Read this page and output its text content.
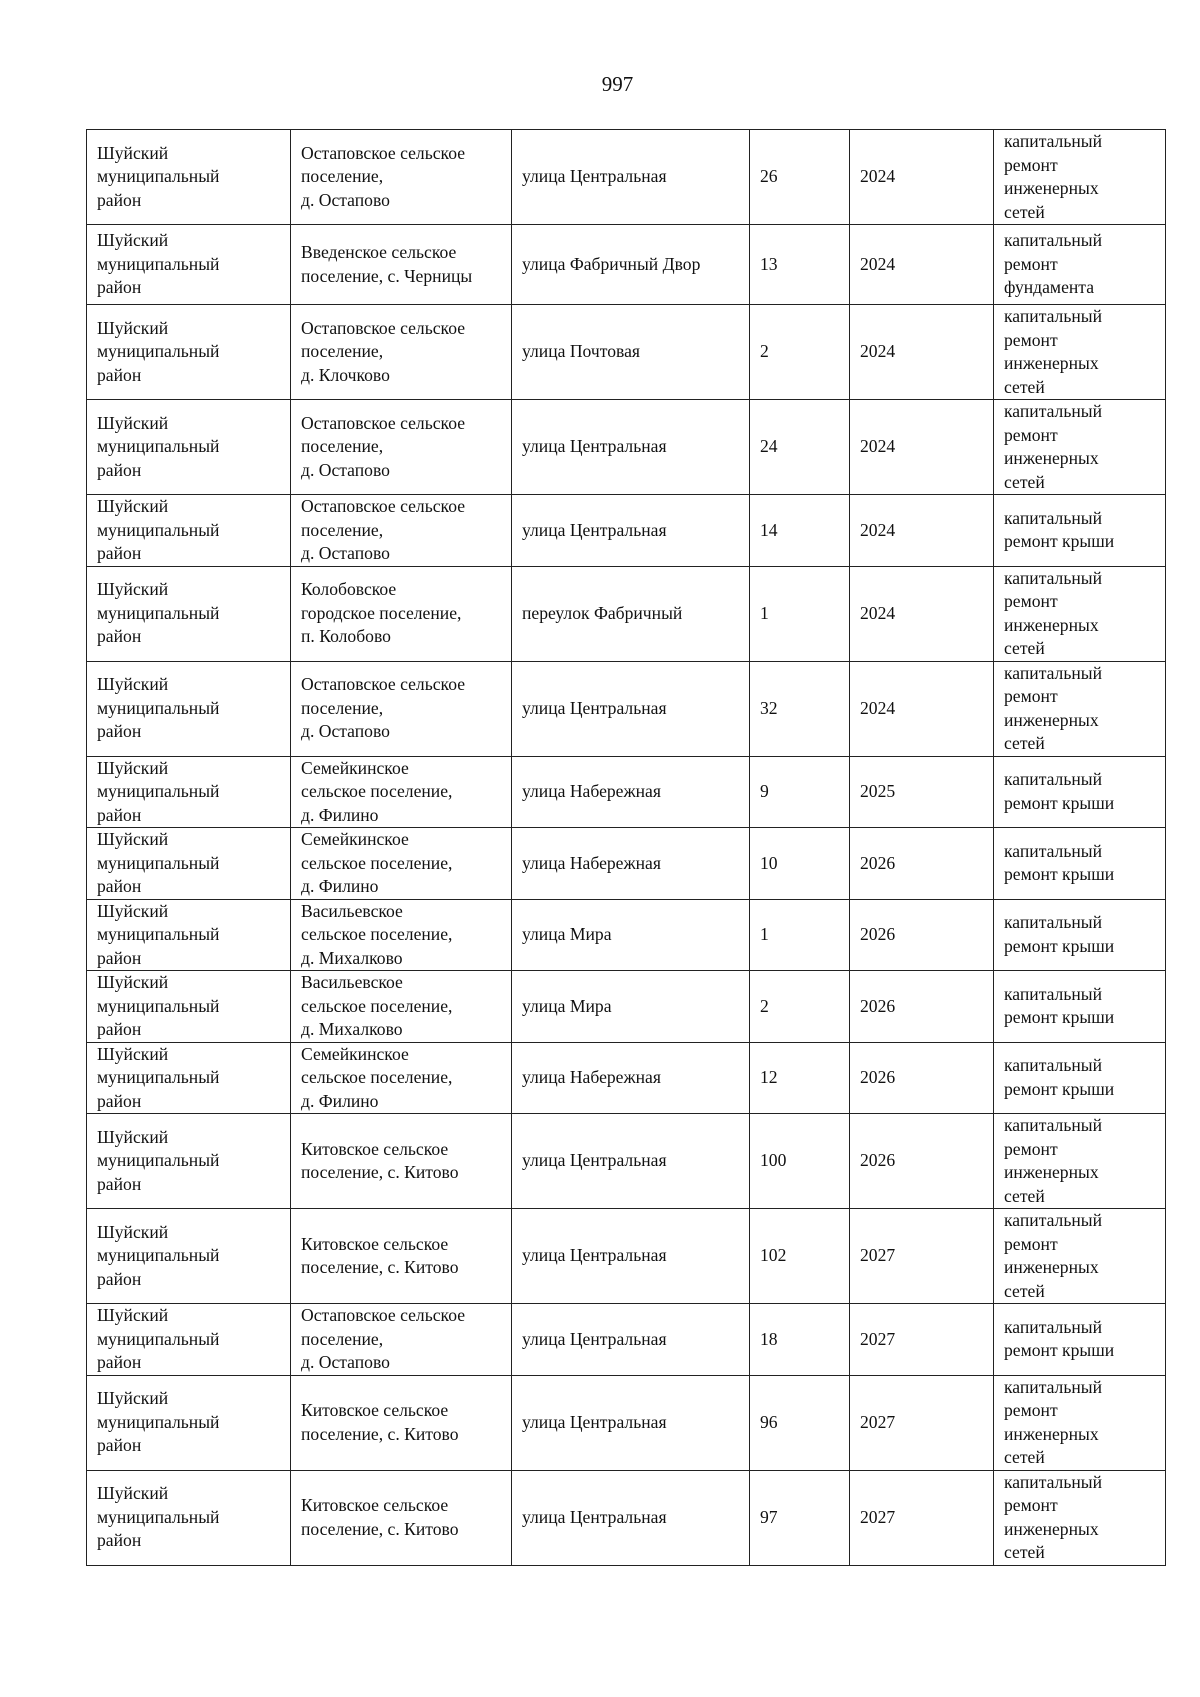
997
Шуйский
муниципальный
район	Остаповское сельское
поселение,
д. Остапово	улица Центральная	26	2024	капитальный
ремонт
инженерных
сетей
Шуйский
муниципальный
район	Введенское сельское
поселение, с. Черницы	улица Фабричный Двор	13	2024	капитальный
ремонт
фундамента
Шуйский
муниципальный
район	Остаповское сельское
поселение,
д. Клочково	улица Почтовая	2	2024	капитальный
ремонт
инженерных
сетей
Шуйский
муниципальный
район	Остаповское сельское
поселение,
д. Остапово	улица Центральная	24	2024	капитальный
ремонт
инженерных
сетей
Шуйский
муниципальный
район	Остаповское сельское
поселение,
д. Остапово	улица Центральная	14	2024	капитальный
ремонт крыши
Шуйский
муниципальный
район	Колобовское
городское поселение,
п. Колобово	переулок Фабричный	1	2024	капитальный
ремонт
инженерных
сетей
Шуйский
муниципальный
район	Остаповское сельское
поселение,
д. Остапово	улица Центральная	32	2024	капитальный
ремонт
инженерных
сетей
Шуйский
муниципальный
район	Семейкинское
сельское поселение,
д. Филино	улица Набережная	9	2025	капитальный
ремонт крыши
Шуйский
муниципальный
район	Семейкинское
сельское поселение,
д. Филино	улица Набережная	10	2026	капитальный
ремонт крыши
Шуйский
муниципальный
район	Васильевское
сельское поселение,
д. Михалково	улица Мира	1	2026	капитальный
ремонт крыши
Шуйский
муниципальный
район	Васильевское
сельское поселение,
д. Михалково	улица Мира	2	2026	капитальный
ремонт крыши
Шуйский
муниципальный
район	Семейкинское
сельское поселение,
д. Филино	улица Набережная	12	2026	капитальный
ремонт крыши
Шуйский
муниципальный
район	Китовское сельское
поселение, с. Китово	улица Центральная	100	2026	капитальный
ремонт
инженерных
сетей
Шуйский
муниципальный
район	Китовское сельское
поселение, с. Китово	улица Центральная	102	2027	капитальный
ремонт
инженерных
сетей
Шуйский
муниципальный
район	Остаповское сельское
поселение,
д. Остапово	улица Центральная	18	2027	капитальный
ремонт крыши
Шуйский
муниципальный
район	Китовское сельское
поселение, с. Китово	улица Центральная	96	2027	капитальный
ремонт
инженерных
сетей
Шуйский
муниципальный
район	Китовское сельское
поселение, с. Китово	улица Центральная	97	2027	капитальный
ремонт
инженерных
сетей
